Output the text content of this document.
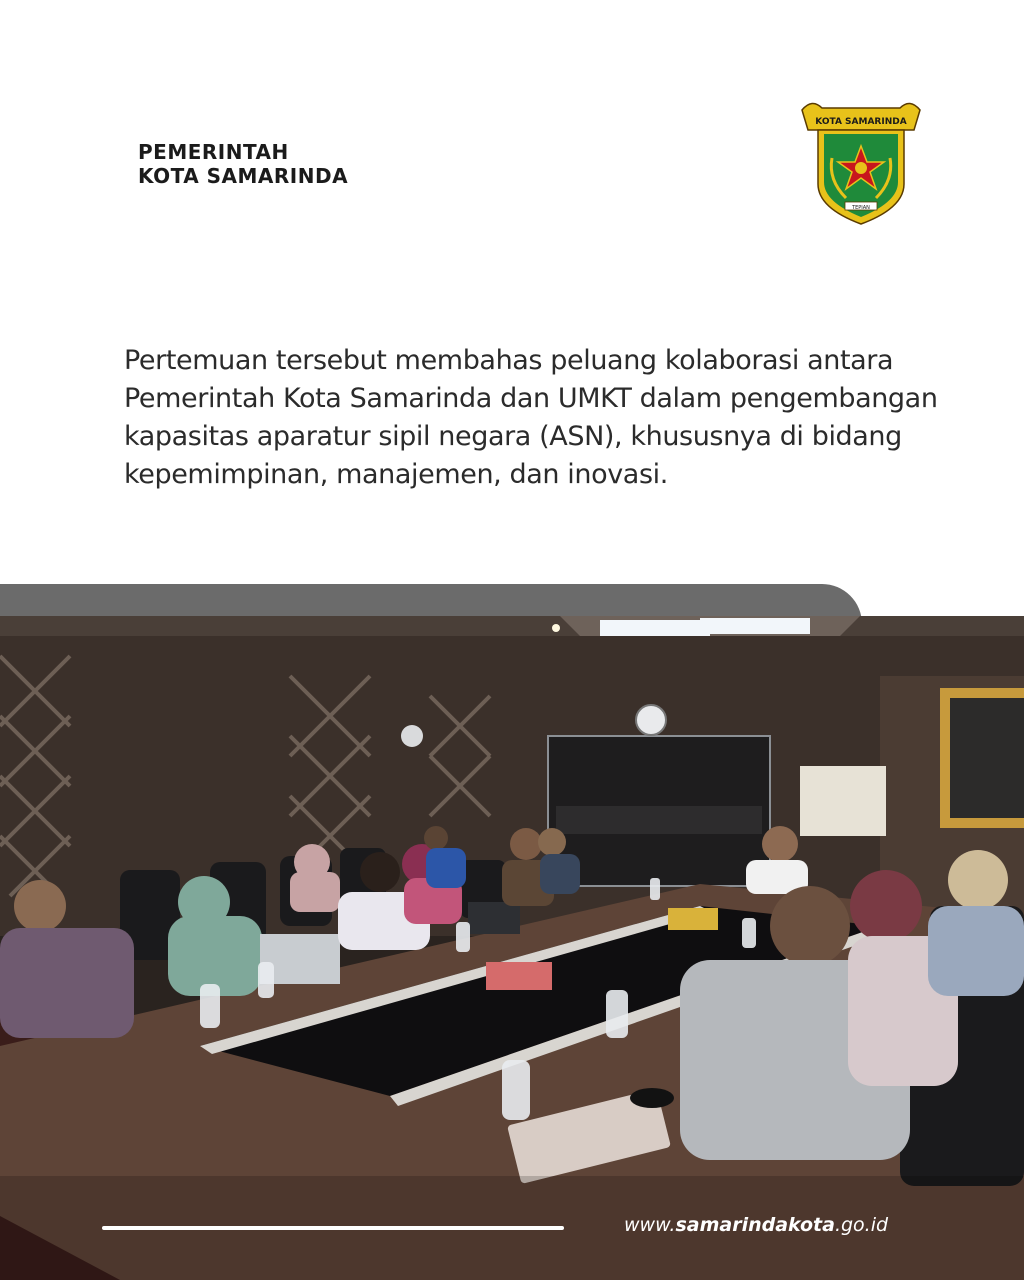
PEMERINTAH
KOTA SAMARINDA
KOTA SAMARINDA
TEPIAN

Pertemuan tersebut membahas peluang kolaborasi antara Pemerintah Kota Samarinda dan UMKT dalam pengembangan kapasitas aparatur sipil negara (ASN), khususnya di bidang kepemimpinan, manajemen, dan inovasi.

www.samarindakota.go.id
